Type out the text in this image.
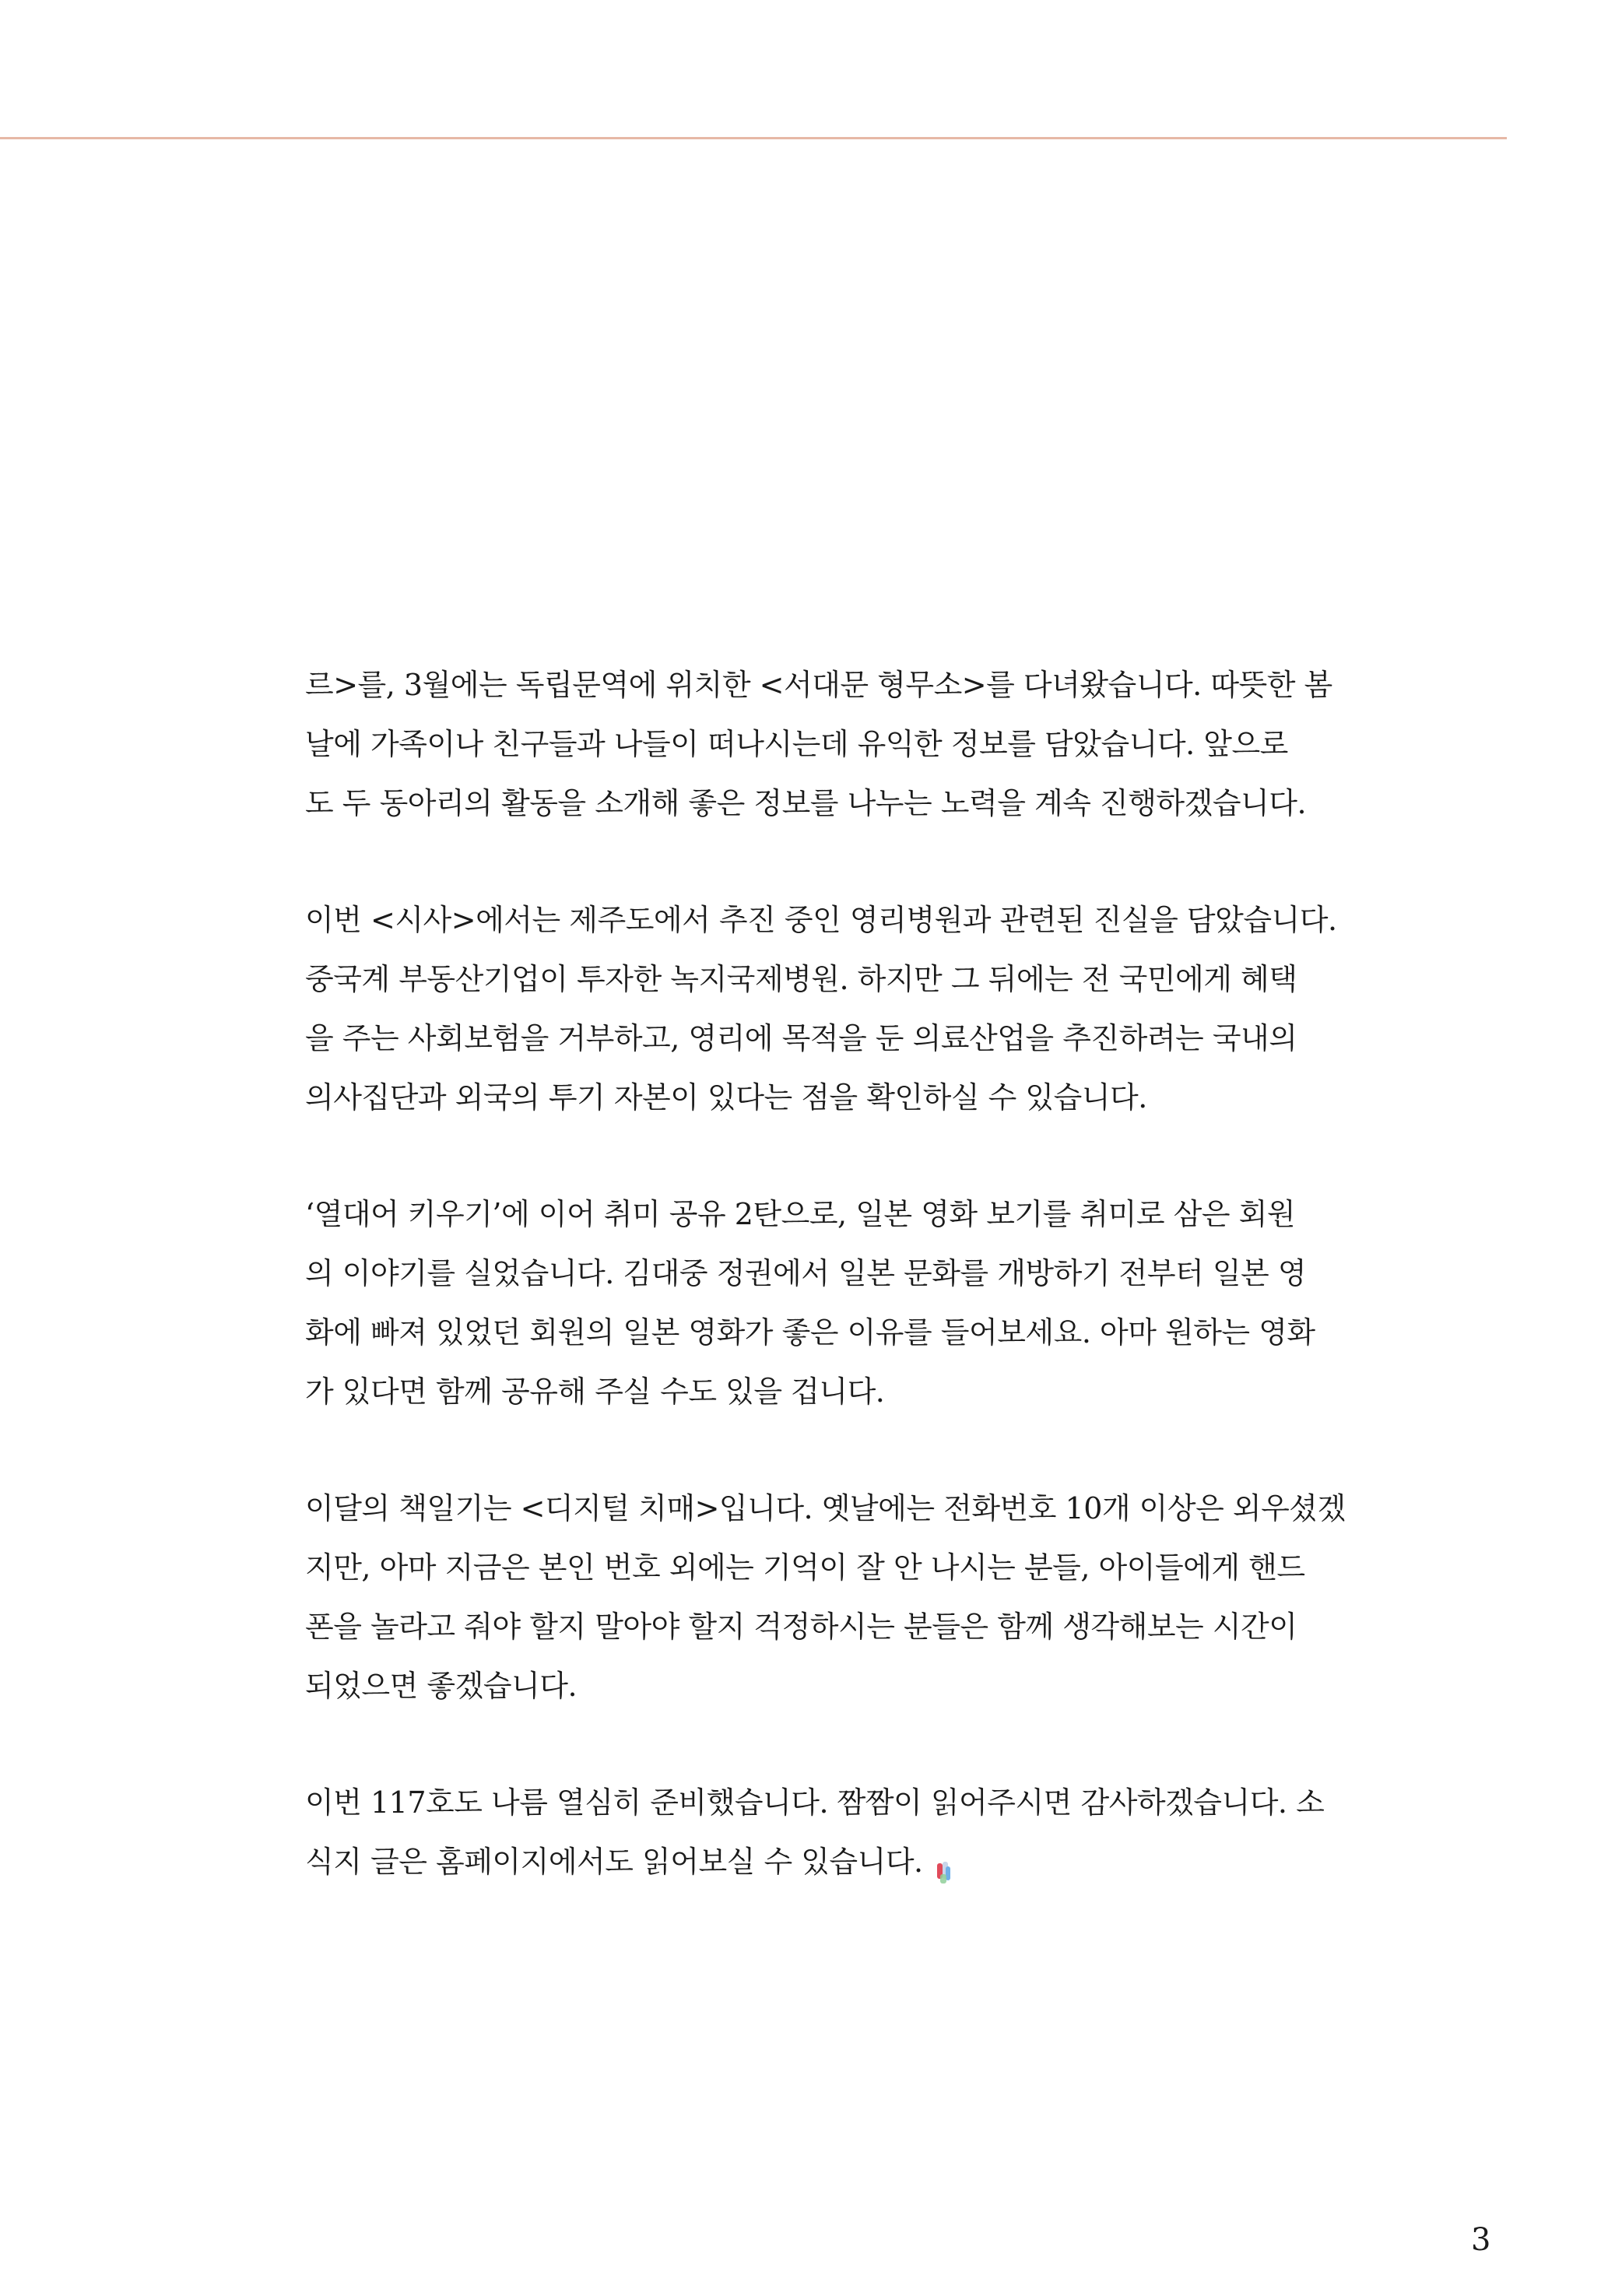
르>를, 3월에는 독립문역에 위치한 <서대문 형무소>를 다녀왔습니다. 따뜻한 봄
날에 가족이나 친구들과 나들이 떠나시는데 유익한 정보를 담았습니다. 앞으로
도 두 동아리의 활동을 소개해 좋은 정보를 나누는 노력을 계속 진행하겠습니다.

이번 <시사>에서는 제주도에서 추진 중인 영리병원과 관련된 진실을 담았습니다.
중국계 부동산기업이 투자한 녹지국제병원. 하지만 그 뒤에는 전 국민에게 혜택
을 주는 사회보험을 거부하고, 영리에 목적을 둔 의료산업을 추진하려는 국내의
의사집단과 외국의 투기 자본이 있다는 점을 확인하실 수 있습니다.

‘열대어 키우기’에 이어 취미 공유 2탄으로, 일본 영화 보기를 취미로 삼은 회원
의 이야기를 실었습니다. 김대중 정권에서 일본 문화를 개방하기 전부터 일본 영
화에 빠져 있었던 회원의 일본 영화가 좋은 이유를 들어보세요. 아마 원하는 영화
가 있다면 함께 공유해 주실 수도 있을 겁니다.

이달의 책일기는 <디지털 치매>입니다. 옛날에는 전화번호 10개 이상은 외우셨겠
지만, 아마 지금은 본인 번호 외에는 기억이 잘 안 나시는 분들, 아이들에게 핸드
폰을 놀라고 줘야 할지 말아야 할지 걱정하시는 분들은 함께 생각해보는 시간이
되었으면 좋겠습니다.

이번 117호도 나름 열심히 준비했습니다. 짬짬이 읽어주시면 감사하겠습니다. 소
식지 글은 홈페이지에서도 읽어보실 수 있습니다.

3
